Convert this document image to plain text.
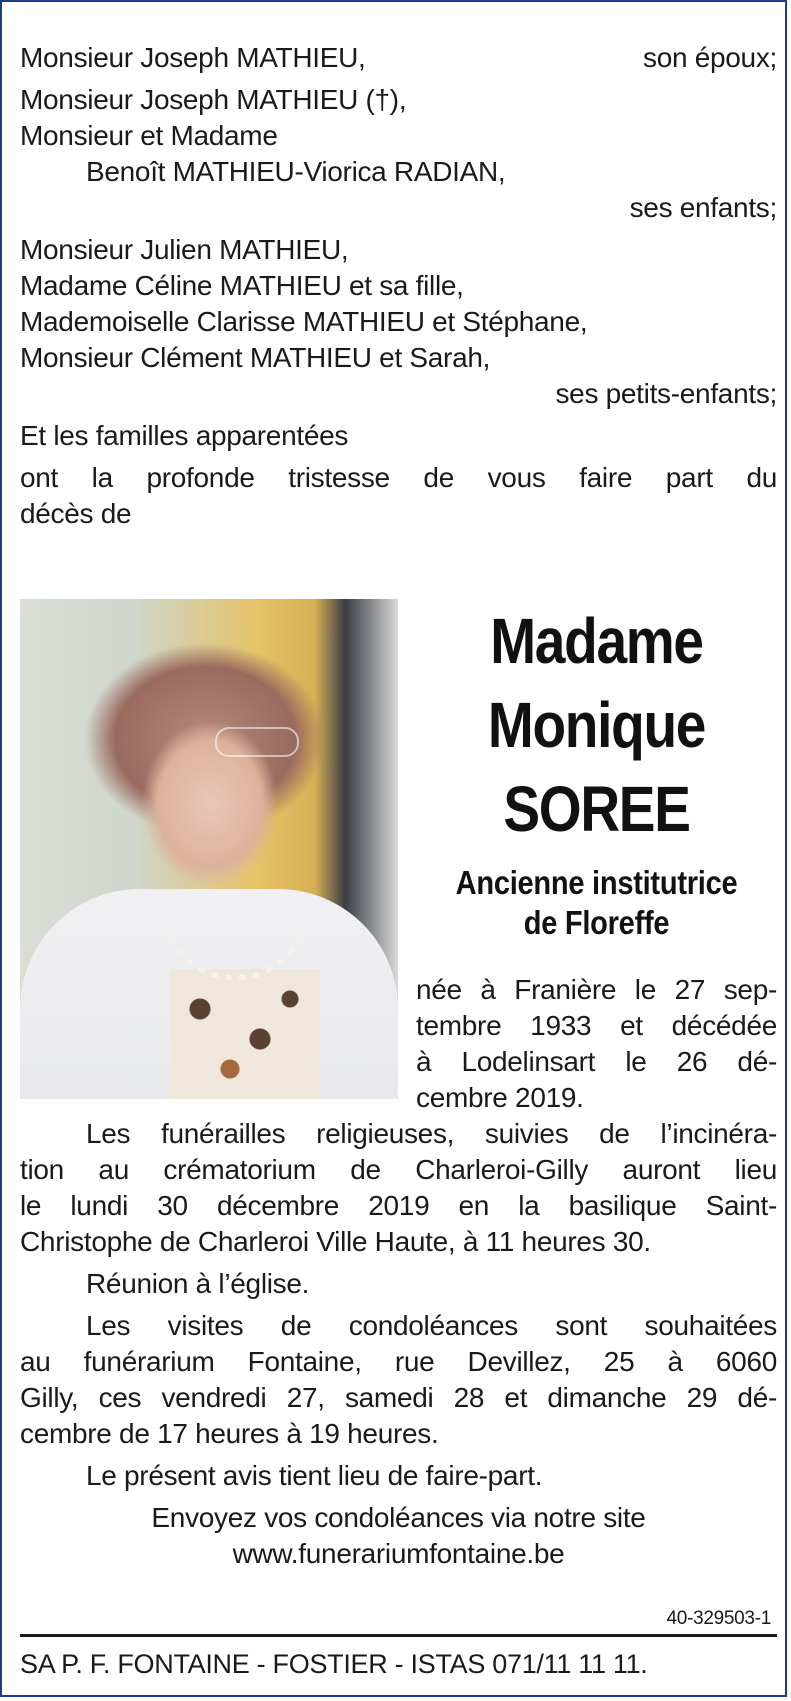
Monsieur Joseph MATHIEU,	son époux;
Monsieur Joseph MATHIEU (†),
Monsieur et Madame
Benoît MATHIEU-Viorica RADIAN,
ses enfants;
Monsieur Julien MATHIEU,
Madame Céline MATHIEU et sa fille,
Mademoiselle Clarisse MATHIEU et Stéphane,
Monsieur Clément MATHIEU et Sarah,
ses petits-enfants;
Et les familles apparentées
ont la profonde tristesse de vous faire part du
décès de
Madame
Monique
SOREE
Ancienne institutrice
de Floreffe
née à Franière le 27 sep-
tembre 1933 et décédée
à Lodelinsart le 26 dé-
cembre 2019.
Les funérailles religieuses, suivies de l’incinéra-
tion au crématorium de Charleroi-Gilly auront lieu
le lundi 30 décembre 2019 en la basilique Saint-
Christophe de Charleroi Ville Haute, à 11 heures 30.
Réunion à l’église.
Les visites de condoléances sont souhaitées
au funérarium Fontaine, rue Devillez, 25 à 6060
Gilly, ces vendredi 27, samedi 28 et dimanche 29 dé-
cembre de 17 heures à 19 heures.
Le présent avis tient lieu de faire-part.
Envoyez vos condoléances via notre site
www.funerariumfontaine.be
40-329503-1
SA P. F. FONTAINE - FOSTIER - ISTAS 071/11 11 11.
